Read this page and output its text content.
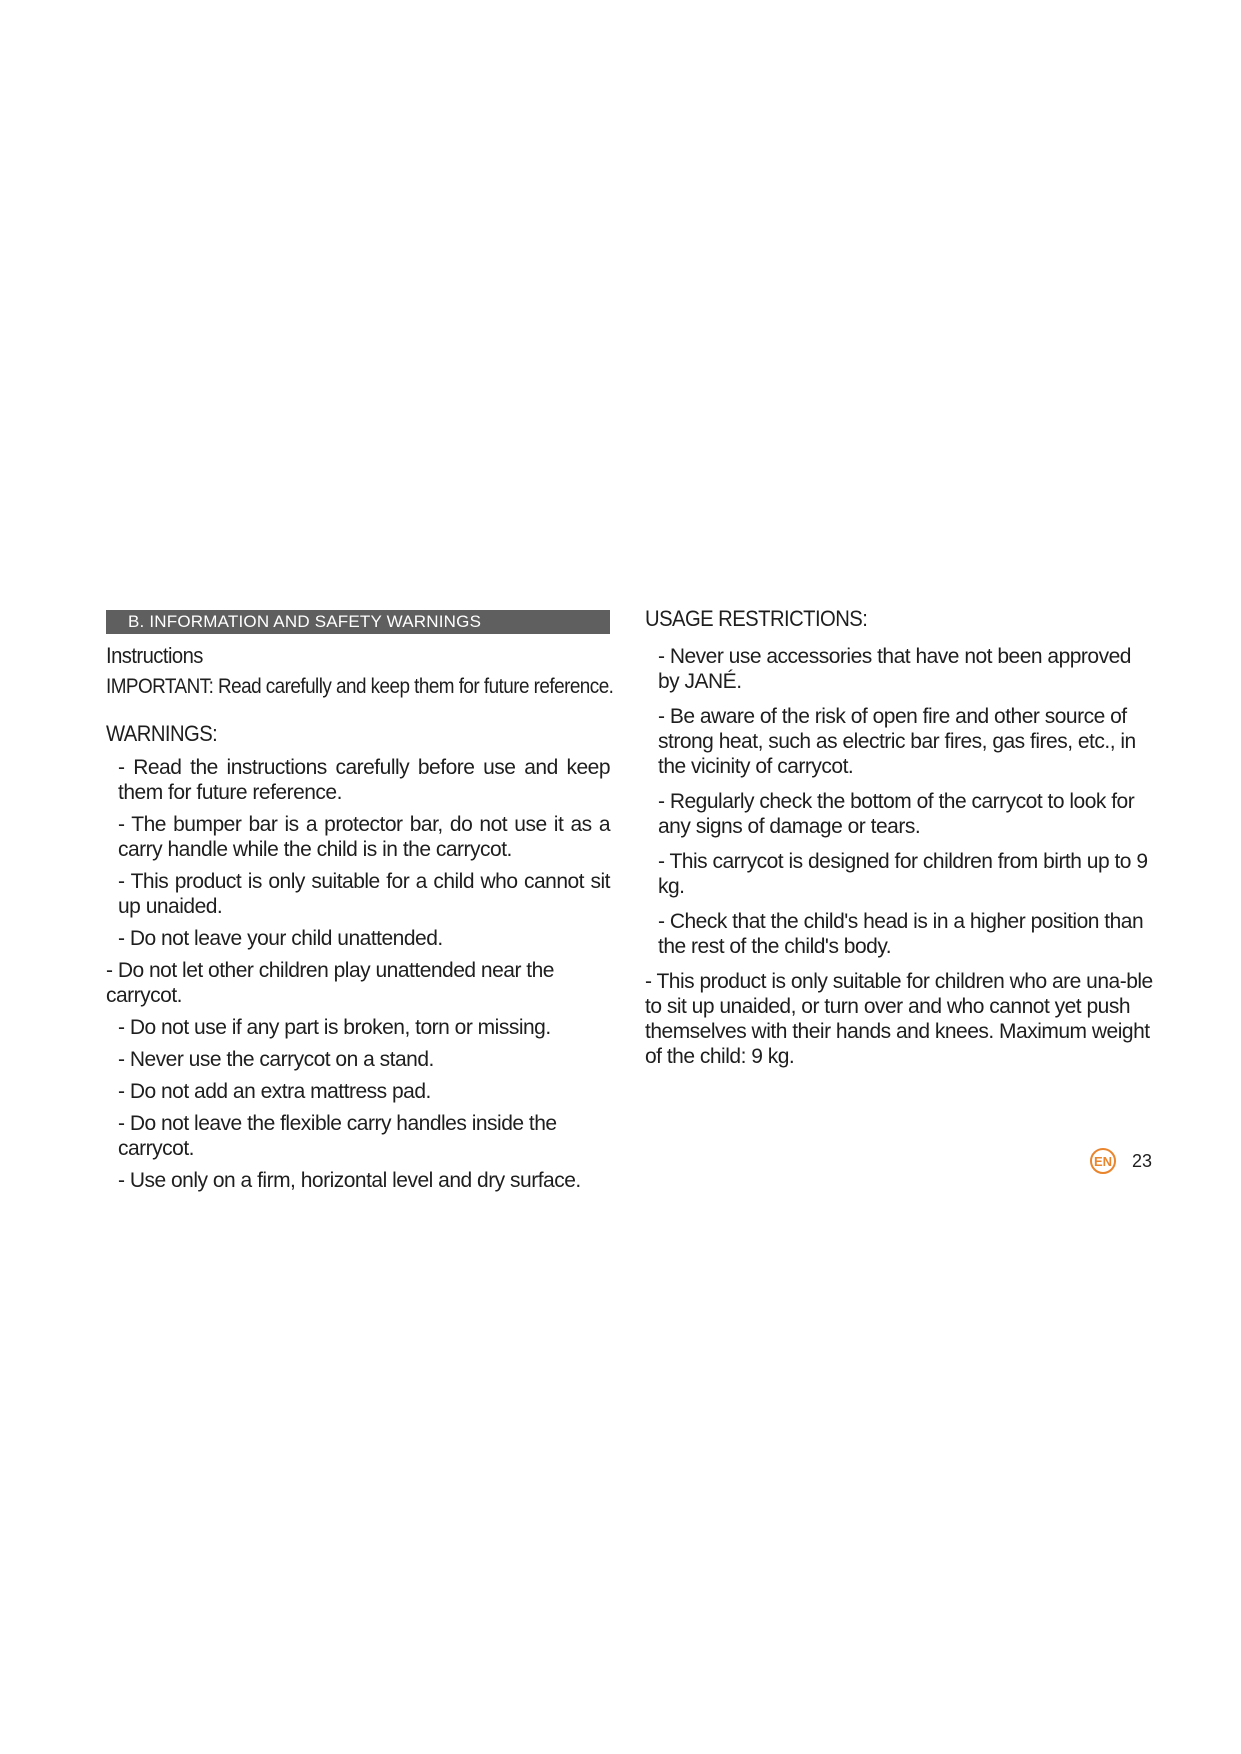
B. INFORMATION AND SAFETY WARNINGS
Instructions
IMPORTANT: Read carefully and keep them for future reference.
WARNINGS:
- Read the instructions carefully before use and keep them for future reference.
- The bumper bar is a protector bar, do not use it as a carry handle while the child is in the carrycot.
- This product is only suitable for a child who cannot sit up unaided.
- Do not leave your child unattended.
- Do not let other children play unattended near the carrycot.
- Do not use if any part is broken, torn or missing.
- Never use the carrycot on a stand.
- Do not add an extra mattress pad.
- Do not leave the flexible carry handles inside the carrycot.
- Use only on a firm, horizontal level and dry surface.
USAGE RESTRICTIONS:
- Never use accessories that have not been approved by JANÉ.
- Be aware of the risk of open fire and other source of strong heat, such as electric bar fires, gas fires, etc., in the vicinity of carrycot.
- Regularly check the bottom of the carrycot to look for any signs of damage or tears.
- This carrycot is designed for children from birth up to 9 kg.
- Check that the child's head is in a higher position than the rest of the child's body.
- This product is only suitable for children who are una-ble to sit up unaided, or turn over and who cannot yet push themselves with their hands and knees. Maximum weight of the child: 9 kg.
EN 23
